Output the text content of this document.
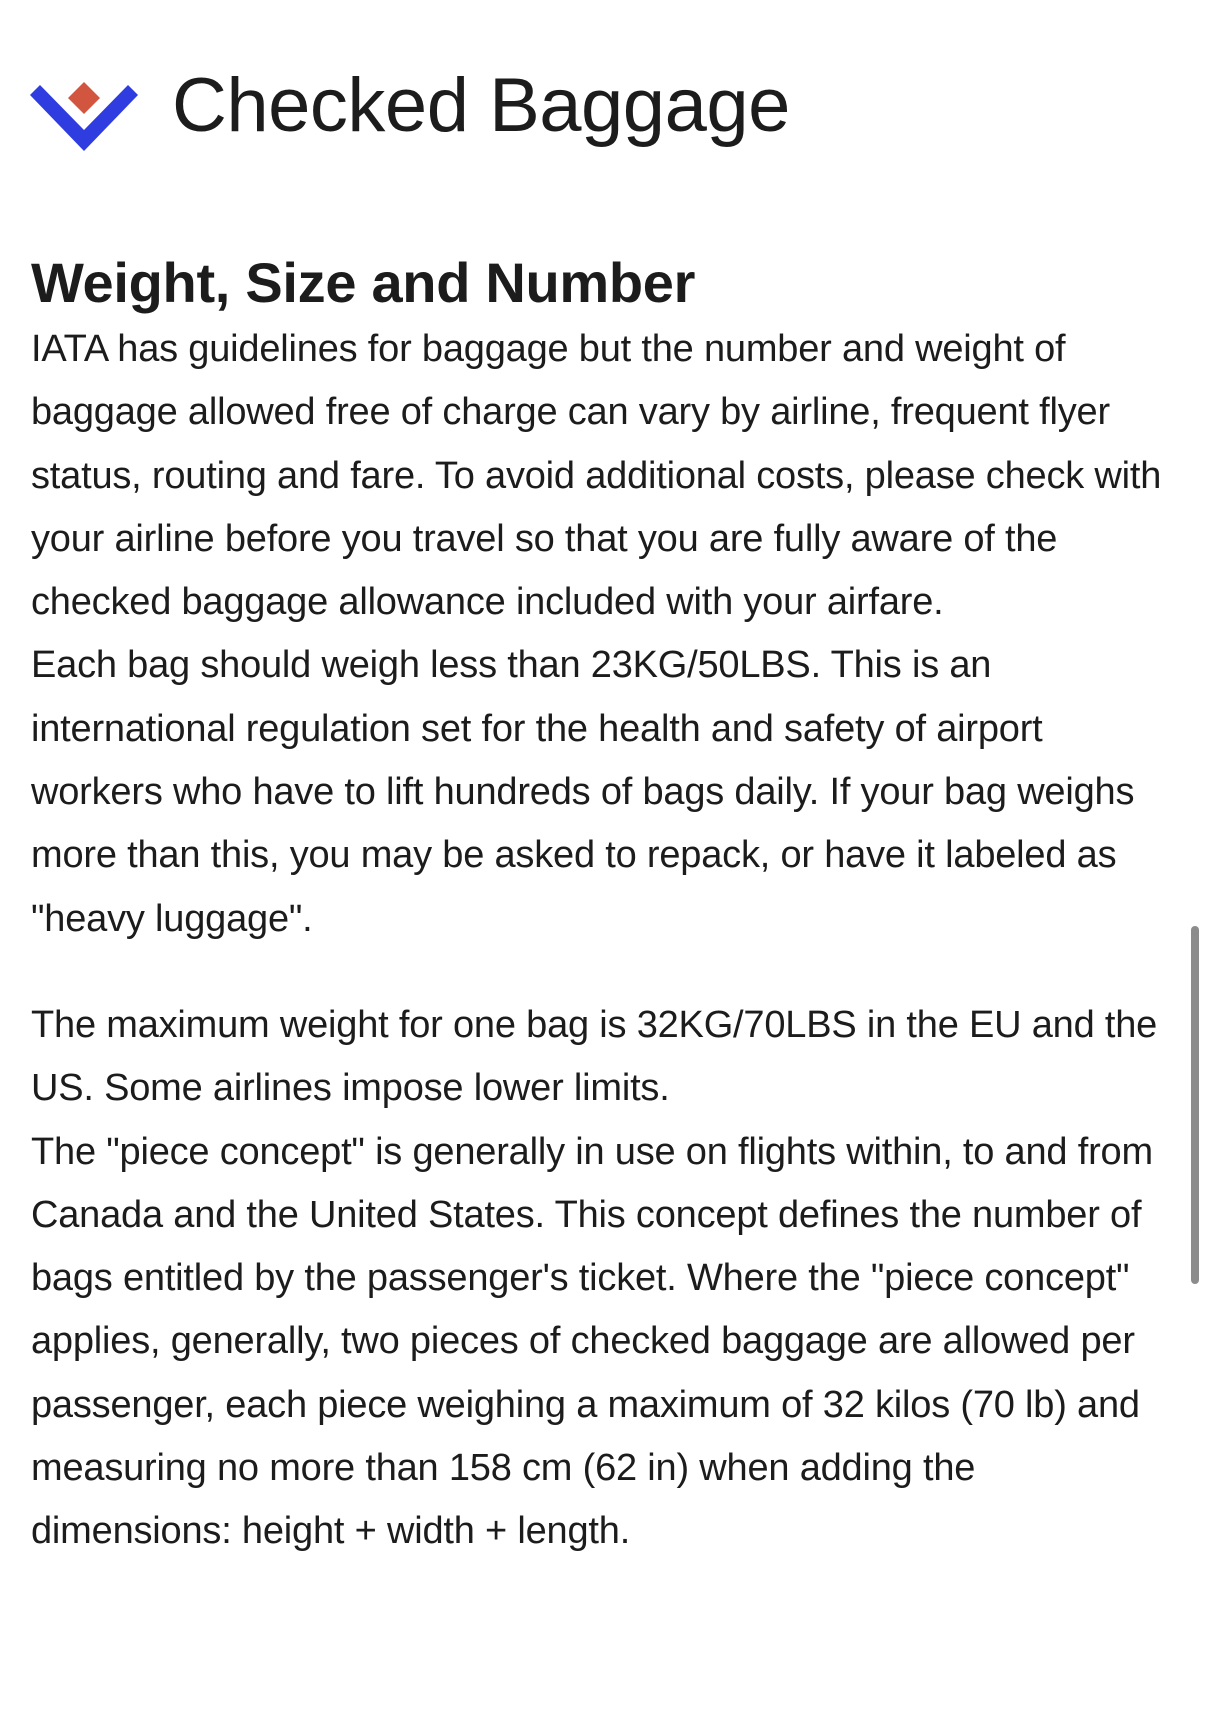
Checked Baggage
Weight, Size and Number

IATA has guidelines for baggage but the number and weight of baggage allowed free of charge can vary by airline, frequent flyer status, routing and fare. To avoid additional costs, please check with your airline before you travel so that you are fully aware of the checked baggage allowance included with your airfare.

Each bag should weigh less than 23KG/50LBS. This is an international regulation set for the health and safety of airport workers who have to lift hundreds of bags daily. If your bag weighs more than this, you may be asked to repack, or have it labeled as "heavy luggage".

The maximum weight for one bag is 32KG/70LBS in the EU and the US. Some airlines impose lower limits.

The "piece concept" is generally in use on flights within, to and from Canada and the United States. This concept defines the number of bags entitled by the passenger's ticket. Where the "piece concept" applies, generally, two pieces of checked baggage are allowed per passenger, each piece weighing a maximum of 32 kilos (70 lb) and measuring no more than 158 cm (62 in) when adding the dimensions: height + width + length.
